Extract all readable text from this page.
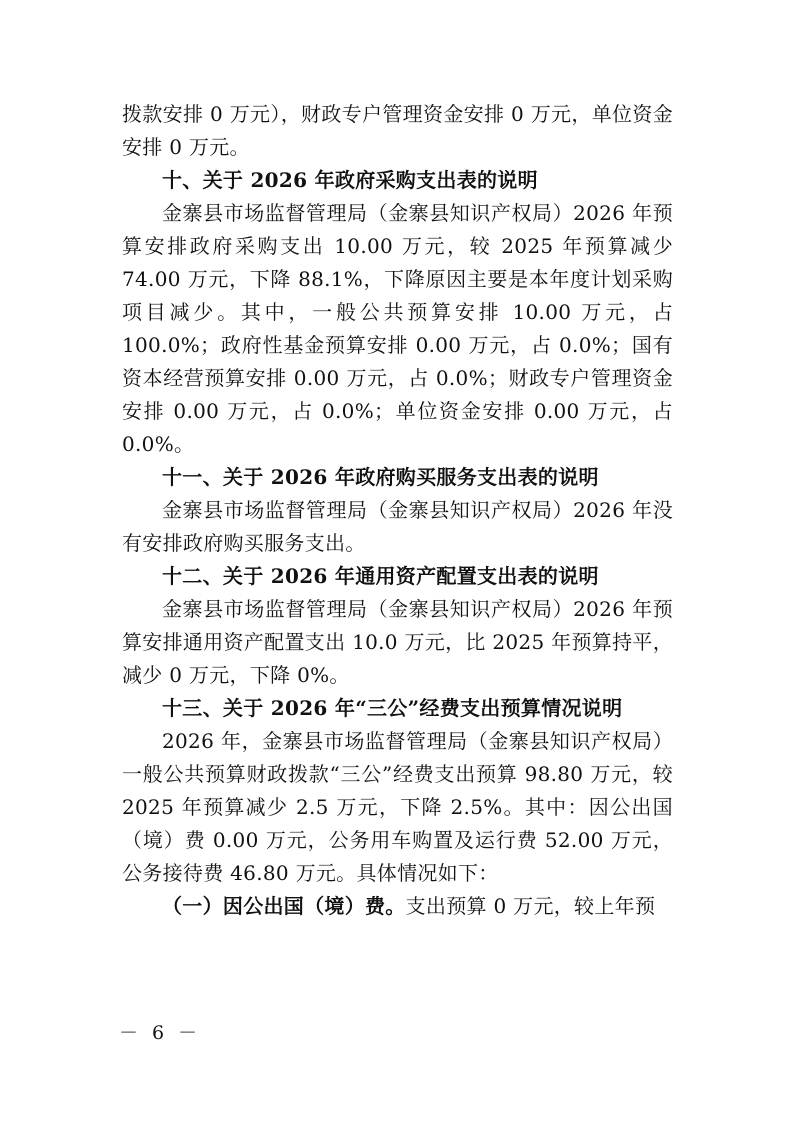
拨款安排 0 万元），财政专户管理资金安排 0 万元，单位资金安排 0 万元。

十、关于 2026 年政府采购支出表的说明

金寨县市场监督管理局（金寨县知识产权局）2026 年预算安排政府采购支出 10.00 万元，较 2025 年预算减少 74.00 万元，下降 88.1%，下降原因主要是本年度计划采购项目减少。其中，一般公共预算安排 10.00 万元，占 100.0%；政府性基金预算安排 0.00 万元，占 0.0%；国有资本经营预算安排 0.00 万元，占 0.0%；财政专户管理资金安排 0.00 万元，占 0.0%；单位资金安排 0.00 万元，占 0.0%。

十一、关于 2026 年政府购买服务支出表的说明

金寨县市场监督管理局（金寨县知识产权局）2026 年没有安排政府购买服务支出。

十二、关于 2026 年通用资产配置支出表的说明

金寨县市场监督管理局（金寨县知识产权局）2026 年预算安排通用资产配置支出 10.0 万元，比 2025 年预算持平，减少 0 万元，下降 0%。

十三、关于 2026 年“三公”经费支出预算情况说明

2026 年，金寨县市场监督管理局（金寨县知识产权局）一般公共预算财政拨款“三公”经费支出预算 98.80 万元，较 2025 年预算减少 2.5 万元，下降 2.5%。其中：因公出国（境）费 0.00 万元，公务用车购置及运行费 52.00 万元，公务接待费 46.80 万元。具体情况如下：

（一）因公出国（境）费。支出预算 0 万元，较上年预

－ 6 －
